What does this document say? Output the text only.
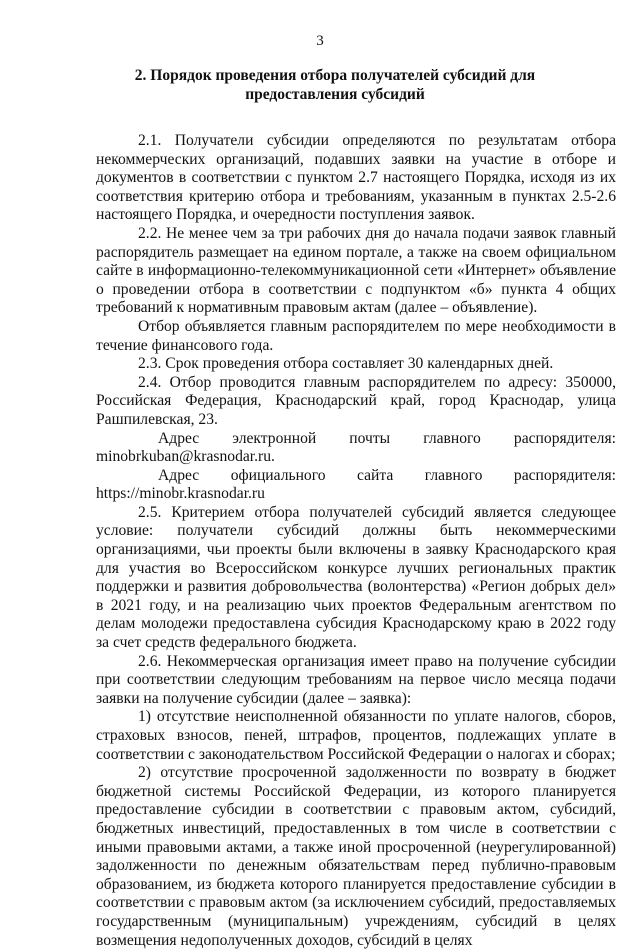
3
2. Порядок проведения отбора получателей субсидий для
предоставления субсидий

2.1. Получатели субсидии определяются по результатам отбора некоммерческих организаций, подавших заявки на участие в отборе и документов в соответствии с пунктом 2.7 настоящего Порядка, исходя из их соответствия критерию отбора и требованиям, указанным в пунктах 2.5-2.6 настоящего Порядка, и очередности поступления заявок.

2.2. Не менее чем за три рабочих дня до начала подачи заявок главный распорядитель размещает на едином портале, а также на своем официальном сайте в информационно-телекоммуникационной сети «Интернет» объявление о проведении отбора в соответствии с подпунктом «б» пункта 4 общих требований к нормативным правовым актам (далее – объявление).

Отбор объявляется главным распорядителем по мере необходимости в течение финансового года.

2.3. Срок проведения отбора составляет 30 календарных дней.

2.4. Отбор проводится главным распорядителем по адресу: 350000, Российская Федерация, Краснодарский край, город Краснодар, улица Рашпилевская, 23.

Адрес электронной почты главного распорядителя:

minobrkuban@krasnodar.ru.

Адрес официального сайта главного распорядителя:

https://minobr.krasnodar.ru

2.5. Критерием отбора получателей субсидий является следующее условие: получатели субсидий должны быть некоммерческими организациями, чьи проекты были включены в заявку Краснодарского края для участия во Всероссийском конкурсе лучших региональных практик поддержки и развития добровольчества (волонтерства) «Регион добрых дел» в 2021 году, и на реализацию чьих проектов Федеральным агентством по делам молодежи предоставлена субсидия Краснодарскому краю в 2022 году за счет средств федерального бюджета.

2.6. Некоммерческая организация имеет право на получение субсидии при соответствии следующим требованиям на первое число месяца подачи заявки на получение субсидии (далее – заявка):

1) отсутствие неисполненной обязанности по уплате налогов, сборов, страховых взносов, пеней, штрафов, процентов, подлежащих уплате в соответствии с законодательством Российской Федерации о налогах и сборах;

2) отсутствие просроченной задолженности по возврату в бюджет бюджетной системы Российской Федерации, из которого планируется предоставление субсидии в соответствии с правовым актом, субсидий, бюджетных инвестиций, предоставленных в том числе в соответствии с иными правовыми актами, а также иной просроченной (неурегулированной) задолженности по денежным обязательствам перед публично-правовым образованием, из бюджета которого планируется предоставление субсидии в соответствии с правовым актом (за исключением субсидий, предоставляемых государственным (муниципальным) учреждениям, субсидий в целях возмещения недополученных доходов, субсидий в целях
